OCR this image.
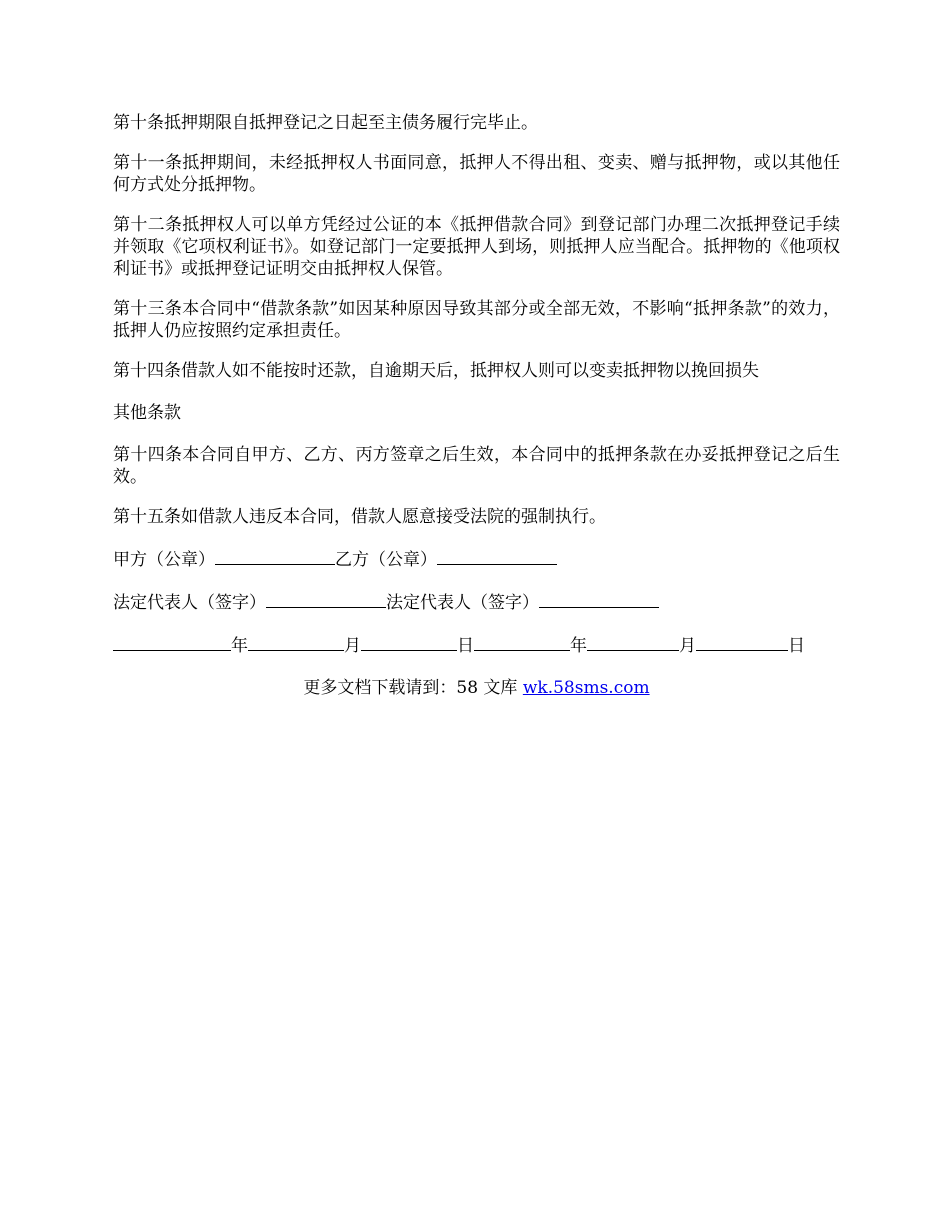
第十条抵押期限自抵押登记之日起至主债务履行完毕止。

第十一条抵押期间，未经抵押权人书面同意，抵押人不得出租、变卖、赠与抵押物，或以其他任何方式处分抵押物。

第十二条抵押权人可以单方凭经过公证的本《抵押借款合同》到登记部门办理二次抵押登记手续并领取《它项权利证书》。如登记部门一定要抵押人到场，则抵押人应当配合。抵押物的《他项权利证书》或抵押登记证明交由抵押权人保管。

第十三条本合同中“借款条款”如因某种原因导致其部分或全部无效，不影响“抵押条款”的效力，抵押人仍应按照约定承担责任。

第十四条借款人如不能按时还款，自逾期天后，抵押权人则可以变卖抵押物以挽回损失

其他条款

第十四条本合同自甲方、乙方、丙方签章之后生效，本合同中的抵押条款在办妥抵押登记之后生效。

第十五条如借款人违反本合同，借款人愿意接受法院的强制执行。

甲方（公章）	乙方（公章）
法定代表人（签字）	法定代表人（签字）
年	月	日	年	月	日
更多文档下载请到：58 文库 wk.58sms.com
